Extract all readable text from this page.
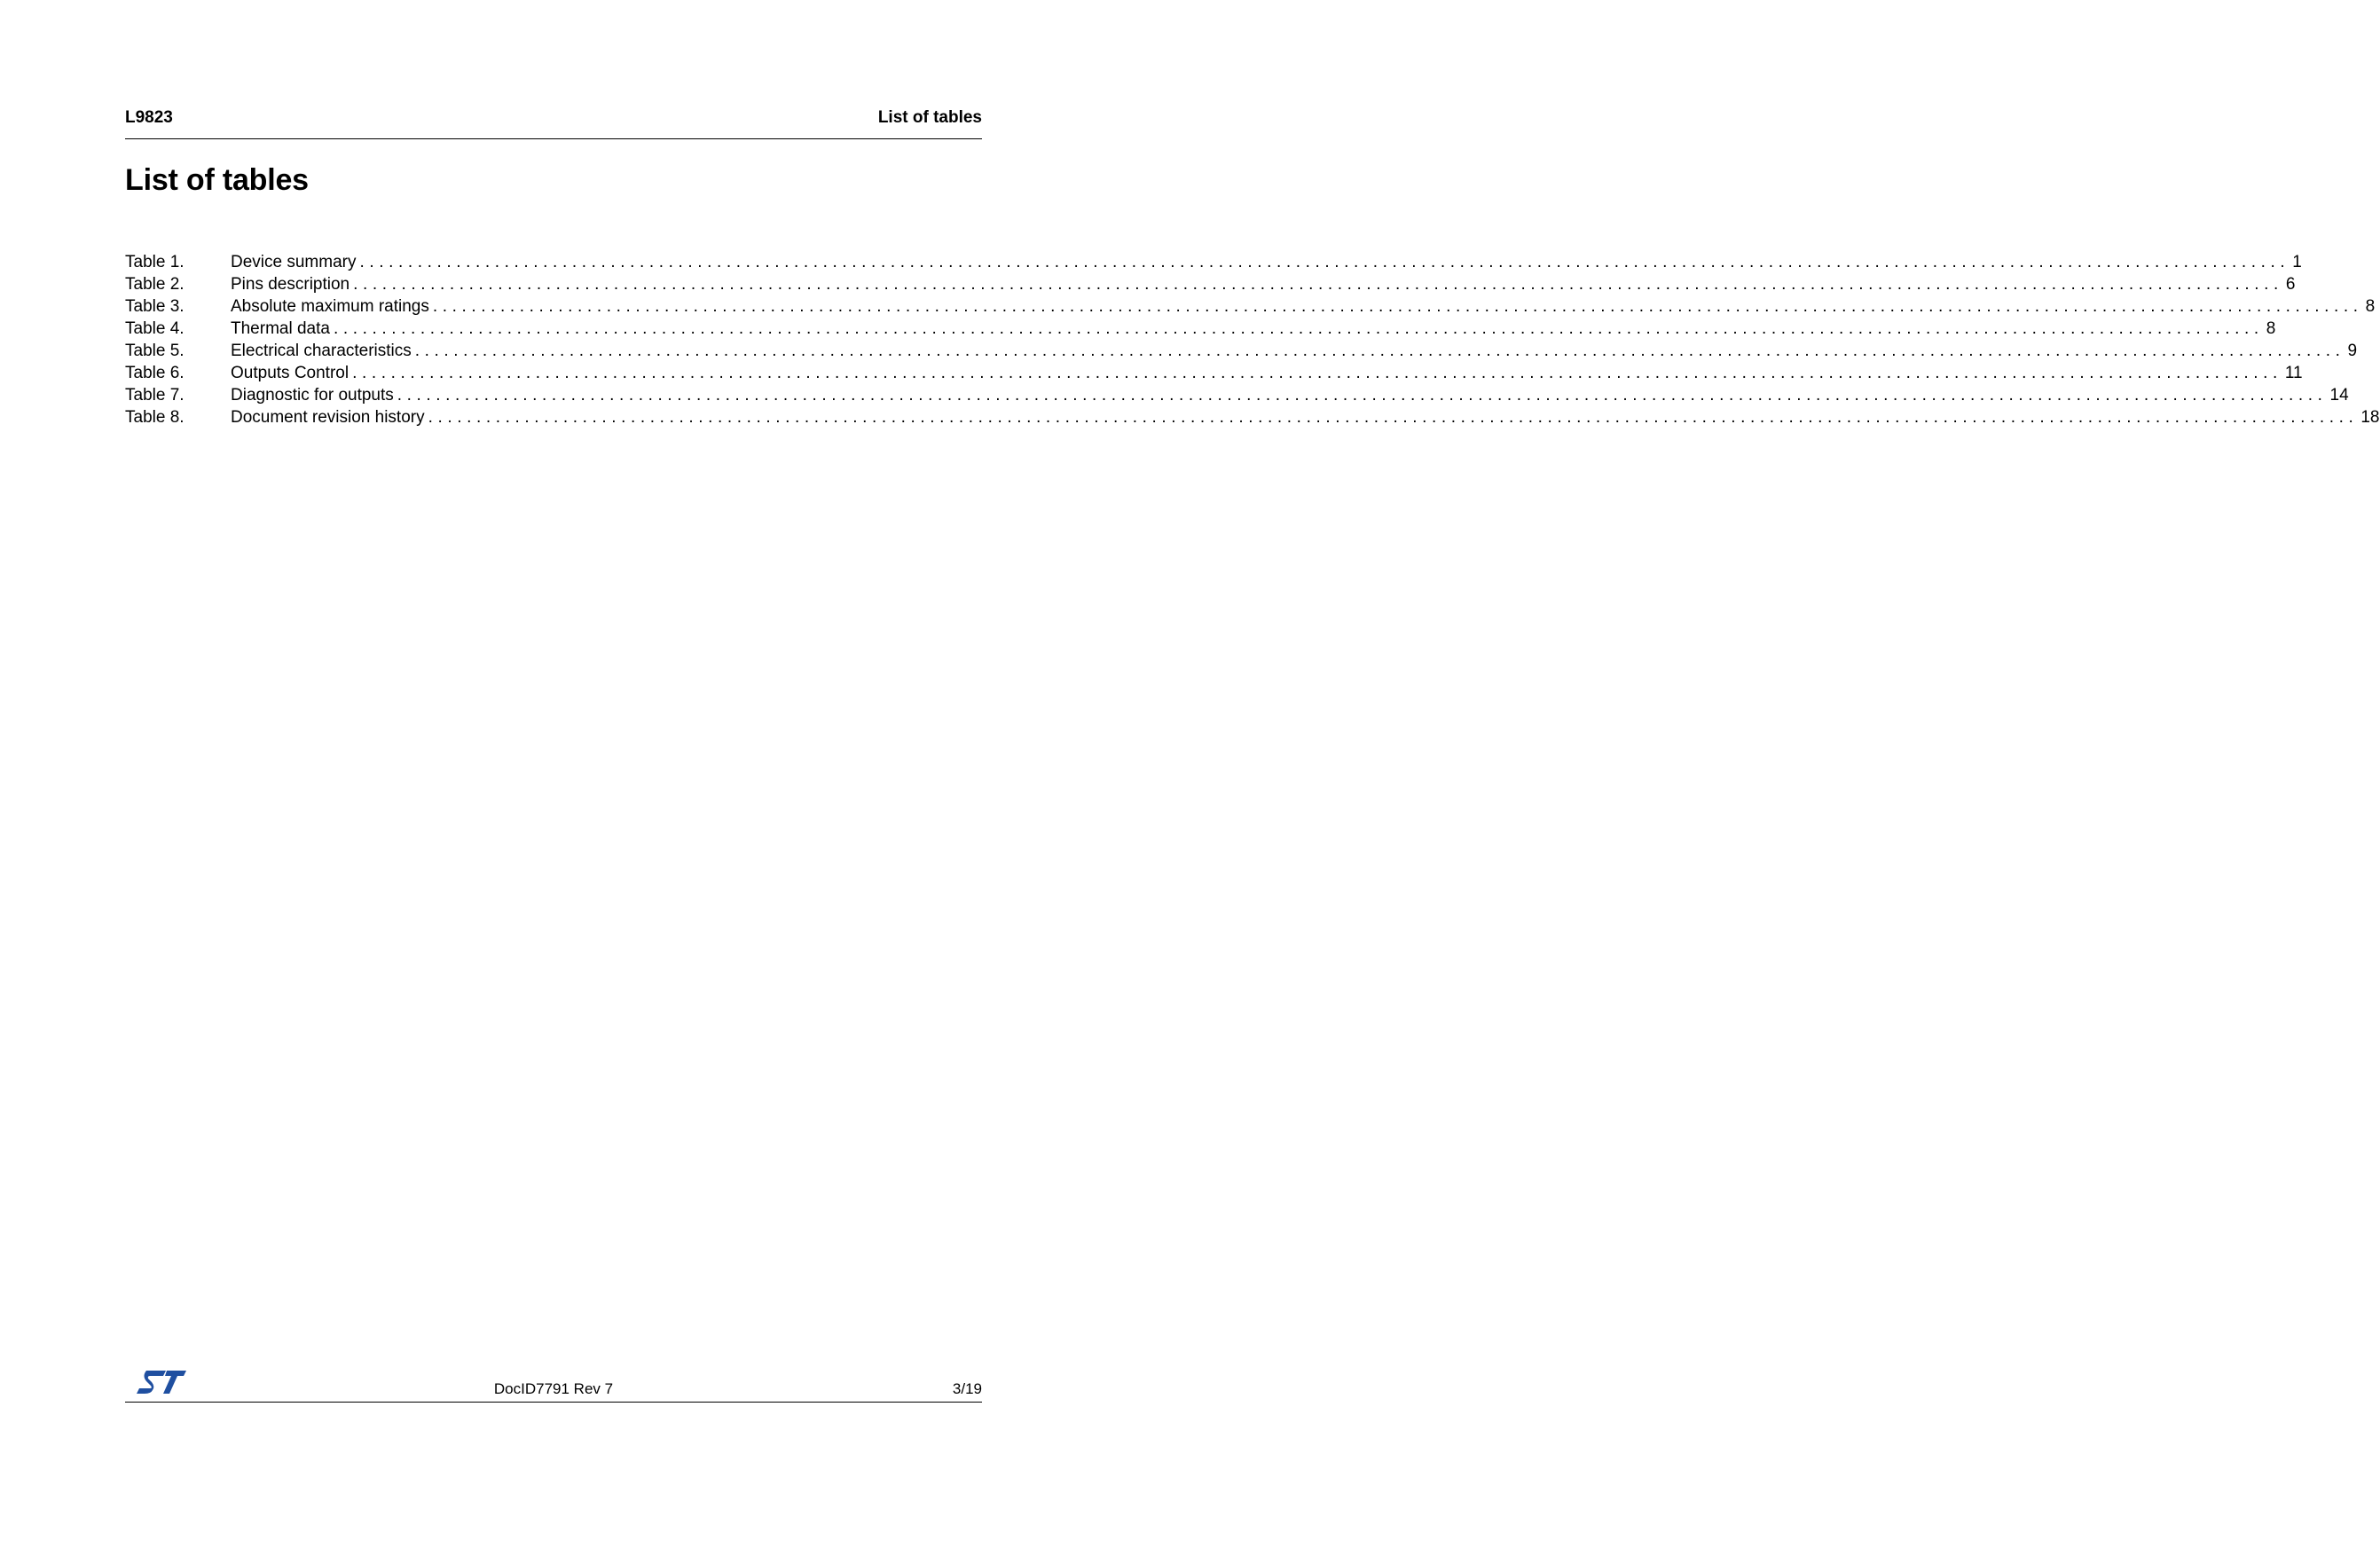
L9823	List of tables
List of tables
Table 1.	Device summary ........................................................................................................................................................................................................ 1
Table 2.	Pins description ........................................................................................................................................................................................................ 6
Table 3.	Absolute maximum ratings ........................................................................................................................................................................................................ 8
Table 4.	Thermal data ........................................................................................................................................................................................................ 8
Table 5.	Electrical characteristics ........................................................................................................................................................................................................ 9
Table 6.	Outputs Control ........................................................................................................................................................................................................ 11
Table 7.	Diagnostic for outputs ........................................................................................................................................................................................................ 14
Table 8.	Document revision history ........................................................................................................................................................................................................ 18
DocID7791 Rev 7	3/19
